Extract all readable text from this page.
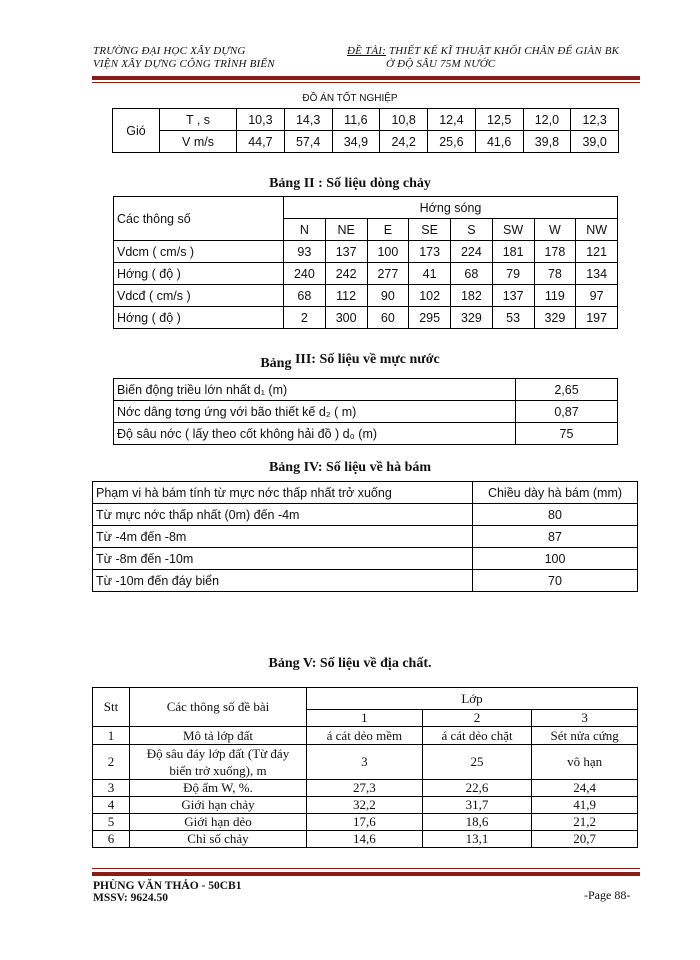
TRƯỜNG ĐẠI HỌC XÂY DỰNG
VIỆN XÂY DỰNG CÔNG TRÌNH BIỂN
ĐỀ TÀI: THIẾT KẾ KĨ THUẬT KHỐI CHÂN ĐẾ GIÀN BK
Ở ĐỘ SÂU 75M NƯỚC
ĐỒ ÁN TỐT NGHIỆP
Gió	T , s	10,3	14,3	11,6	10,8	12,4	12,5	12,0	12,3
	V m/s	44,7	57,4	34,9	24,2	25,6	41,6	39,8	39,0
Bảng II : Số liệu dòng chảy
Các thông số	Hớng sóng							
	N	NE	E	SE	S	SW	W	NW
Vdcm ( cm/s )	93	137	100	173	224	181	178	121
Hớng ( độ )	240	242	277	41	68	79	78	134
Vdcđ ( cm/s )	68	112	90	102	182	137	119	97
Hớng ( độ )	2	300	60	295	329	53	329	197
Bảng III: Số liệu về mực nước
Biến động triều lớn nhất d₁ (m)	2,65
Nớc dâng tơng ứng với bão thiết kế d₂ ( m)	0,87
Độ sâu nớc ( lấy theo cốt không hải đồ ) d₀ (m)	75
Bảng IV: Số liệu về hà bám
Phạm vi hà bám tính từ mực nớc thấp nhất trở xuống	Chiều dày hà bám (mm)
Từ mực nớc thấp nhất (0m) đến -4m	80
Từ -4m đến -8m	87
Từ -8m đến -10m	100
Từ -10m đến đáy biển	70
Bảng V: Số liệu về địa chất.
Stt	Các thông số đề bài	Lớp		
		1	2	3
1	Mô tả lớp đất	á cát dẻo mềm	á cát dẻo chặt	Sét nửa cứng
2	Độ sâu đáy lớp đất (Từ đáy
biển trở xuống), m	3	25	vô hạn
3	Độ ẩm W, %.	27,3	22,6	24,4
4	Giới hạn chảy	32,2	31,7	41,9
5	Giới hạn dẻo	17,6	18,6	21,2
6	Chỉ số chảy	14,6	13,1	20,7
PHÙNG VĂN THẢO - 50CB1
MSSV: 9624.50	-Page 88-
